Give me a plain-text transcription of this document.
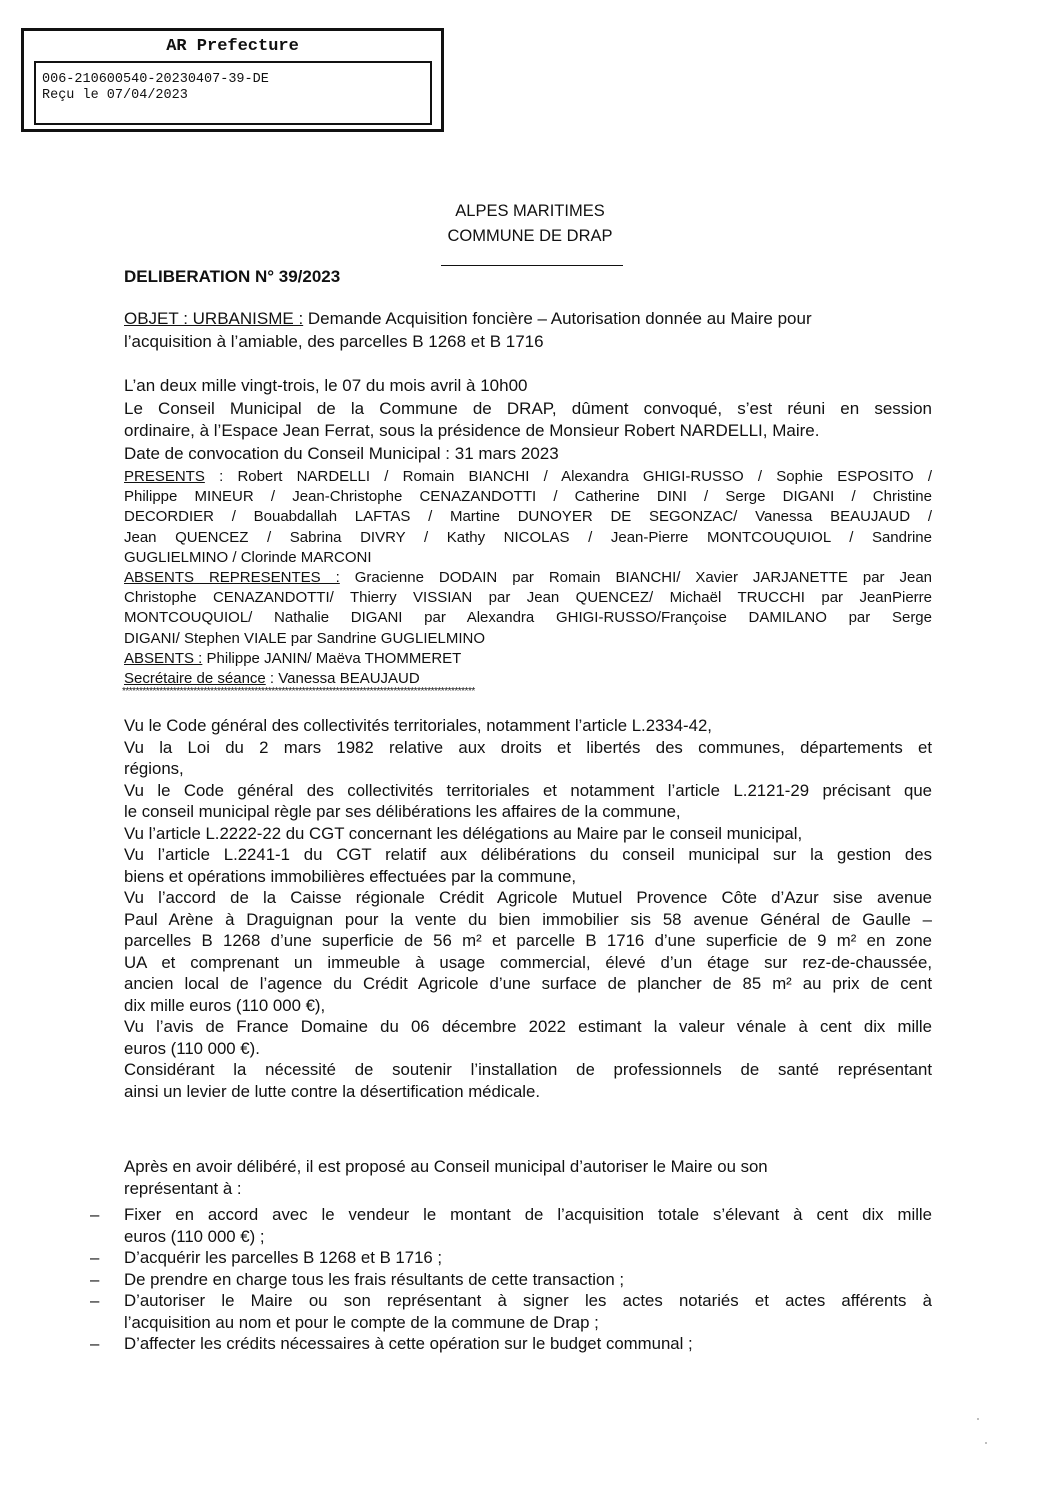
AR Prefecture
006-210600540-20230407-39-DE
Reçu le 07/04/2023
ALPES MARITIMES
COMMUNE DE DRAP
DELIBERATION N° 39/2023
OBJET : URBANISME : Demande Acquisition foncière – Autorisation donnée au Maire pour
l’acquisition à l’amiable, des parcelles B 1268 et B 1716
L’an deux mille vingt-trois, le 07 du mois avril à 10h00
Le Conseil Municipal de la Commune de DRAP, dûment convoqué, s’est réuni en session
ordinaire, à l’Espace Jean Ferrat, sous la présidence de Monsieur Robert NARDELLI, Maire.
Date de convocation du Conseil Municipal : 31 mars 2023
PRESENTS : Robert NARDELLI / Romain BIANCHI / Alexandra GHIGI-RUSSO / Sophie ESPOSITO /
Philippe MINEUR / Jean-Christophe CENAZANDOTTI / Catherine DINI / Serge DIGANI / Christine
DECORDIER / Bouabdallah LAFTAS / Martine DUNOYER DE SEGONZAC/ Vanessa BEAUJAUD /
Jean QUENCEZ / Sabrina DIVRY / Kathy NICOLAS / Jean-Pierre MONTCOUQUIOL / Sandrine
GUGLIELMINO / Clorinde MARCONI
ABSENTS REPRESENTES : Gracienne DODAIN par Romain BIANCHI/ Xavier JARJANETTE par Jean
Christophe CENAZANDOTTI/ Thierry VISSIAN par Jean QUENCEZ/ Michaël TRUCCHI par JeanPierre
MONTCOUQUIOL/ Nathalie DIGANI par Alexandra GHIGI-RUSSO/Françoise DAMILANO par Serge
DIGANI/ Stephen VIALE par Sandrine GUGLIELMINO
ABSENTS : Philippe JANIN/ Maëva THOMMERET
Secrétaire de séance : Vanessa BEAUJAUD
********************************************************************************************************
Vu le Code général des collectivités territoriales, notamment l’article L.2334-42,
Vu la Loi du 2 mars 1982 relative aux droits et libertés des communes, départements et
régions,
Vu le Code général des collectivités territoriales et notamment l’article L.2121-29 précisant que
le conseil municipal règle par ses délibérations les affaires de la commune,
Vu l’article L.2222-22 du CGT concernant les délégations au Maire par le conseil municipal,
Vu l’article L.2241-1 du CGT relatif aux délibérations du conseil municipal sur la gestion des
biens et opérations immobilières effectuées par la commune,
Vu l’accord de la Caisse régionale Crédit Agricole Mutuel Provence Côte d’Azur sise avenue
Paul Arène à Draguignan pour la vente du bien immobilier sis 58 avenue Général de Gaulle –
parcelles B 1268 d’une superficie de 56 m² et parcelle B 1716 d’une superficie de 9 m² en zone
UA et comprenant un immeuble à usage commercial, élevé d’un étage sur rez-de-chaussée,
ancien local de l’agence du Crédit Agricole d’une surface de plancher de 85 m² au prix de cent
dix mille euros (110 000 €),
Vu l’avis de France Domaine du 06 décembre 2022 estimant la valeur vénale à cent dix mille
euros (110 000 €).
Considérant la nécessité de soutenir l’installation de professionnels de santé représentant
ainsi un levier de lutte contre la désertification médicale.
Après en avoir délibéré, il est proposé au Conseil municipal d’autoriser le Maire ou son
représentant à :
– Fixer en accord avec le vendeur le montant de l’acquisition totale s’élevant à cent dix mille
euros (110 000 €) ;
– D’acquérir les parcelles B 1268 et B 1716 ;
– De prendre en charge tous les frais résultants de cette transaction ;
– D’autoriser le Maire ou son représentant à signer les actes notariés et actes afférents à
l’acquisition au nom et pour le compte de la commune de Drap ;
– D’affecter les crédits nécessaires à cette opération sur le budget communal ;
